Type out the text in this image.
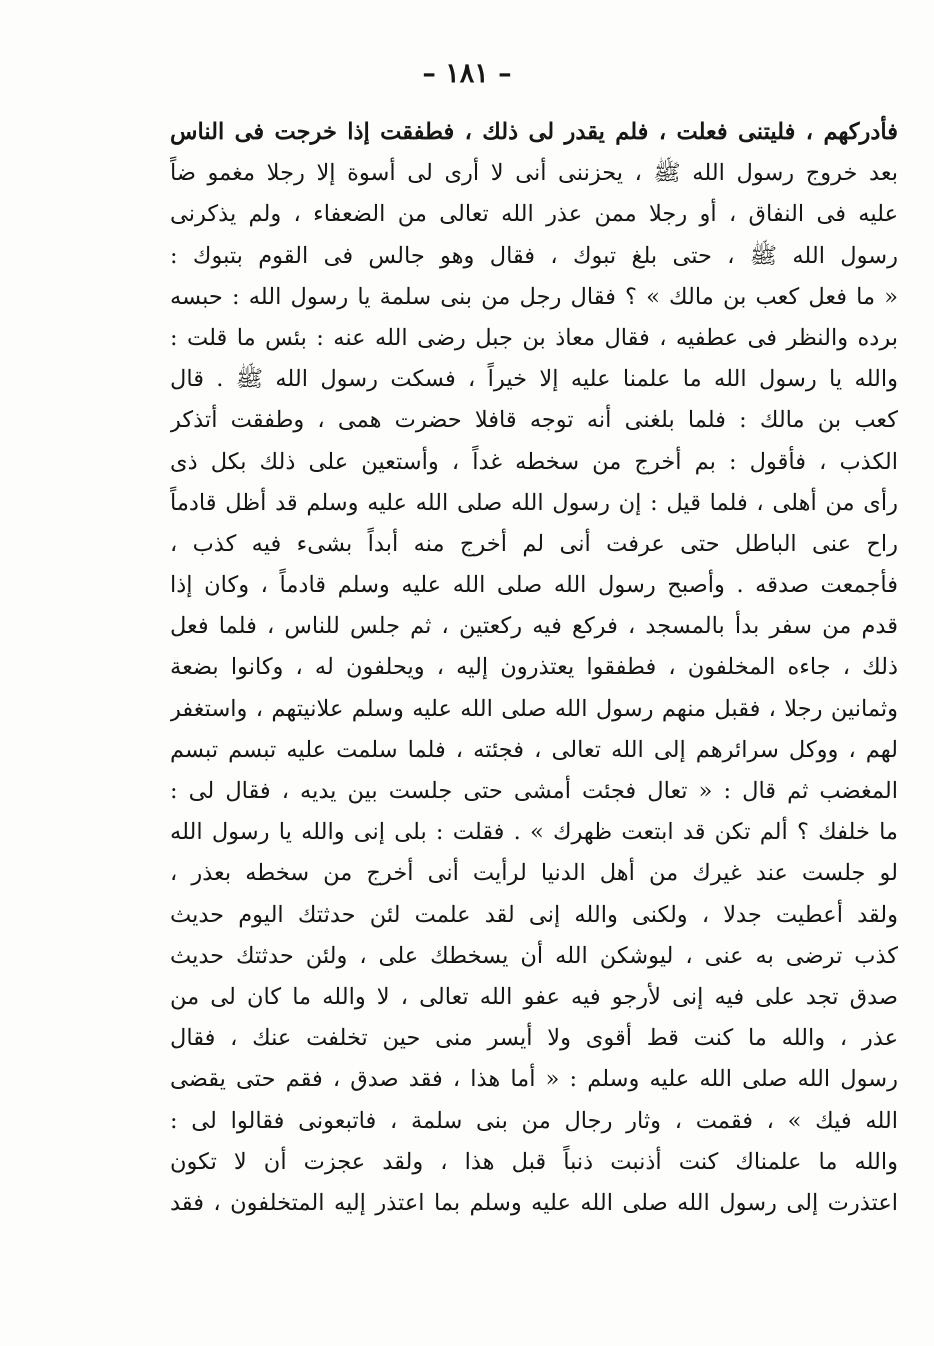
– ١٨١ –
فأدركهم ، فليتنى فعلت ، فلم يقدر لى ذلك ، فطفقت إذا خرجت فى الناس
بعد خروج رسول الله ﷺ ، يحزننى أنى لا أرى لى أسوة إلا رجلا مغمو ضاً
عليه فى النفاق ، أو رجلا ممن عذر الله تعالى من الضعفاء ، ولم يذكرنى
رسول الله ﷺ ، حتى بلغ تبوك ، فقال وهو جالس فى القوم بتبوك :
« ما فعل كعب بن مالك » ؟ فقال رجل من بنى سلمة يا رسول الله : حبسه
برده والنظر فى عطفيه ، فقال معاذ بن جبل رضى الله عنه : بئس ما قلت :
والله يا رسول الله ما علمنا عليه إلا خيراً ، فسكت رسول الله ﷺ . قال
كعب بن مالك : فلما بلغنى أنه توجه قافلا حضرت همى ، وطفقت أتذكر
الكذب ، فأقول : بم أخرج من سخطه غداً ، وأستعين على ذلك بكل ذى
رأى من أهلى ، فلما قيل : إن رسول الله صلى الله عليه وسلم قد أظل قادماً
راح عنى الباطل حتى عرفت أنى لم أخرج منه أبداً بشىء فيه كذب ،
فأجمعت صدقه . وأصبح رسول الله صلى الله عليه وسلم قادماً ، وكان إذا
قدم من سفر بدأ بالمسجد ، فركع فيه ركعتين ، ثم جلس للناس ، فلما فعل
ذلك ، جاءه المخلفون ، فطفقوا يعتذرون إليه ، ويحلفون له ، وكانوا بضعة
وثمانين رجلا ، فقبل منهم رسول الله صلى الله عليه وسلم علانيتهم ، واستغفر
لهم ، ووكل سرائرهم إلى الله تعالى ، فجئته ، فلما سلمت عليه تبسم تبسم
المغضب ثم قال : « تعال فجئت أمشى حتى جلست بين يديه ، فقال لى :
ما خلفك ؟ ألم تكن قد ابتعت ظهرك » . فقلت : بلى إنى والله يا رسول الله
لو جلست عند غيرك من أهل الدنيا لرأيت أنى أخرج من سخطه بعذر ،
ولقد أعطيت جدلا ، ولكنى والله إنى لقد علمت لئن حدثتك اليوم حديث
كذب ترضى به عنى ، ليوشكن الله أن يسخطك على ، ولئن حدثتك حديث
صدق تجد على فيه إنى لأرجو فيه عفو الله تعالى ، لا والله ما كان لى من
عذر ، والله ما كنت قط أقوى ولا أيسر منى حين تخلفت عنك ، فقال
رسول الله صلى الله عليه وسلم : « أما هذا ، فقد صدق ، فقم حتى يقضى
الله فيك » ، فقمت ، وثار رجال من بنى سلمة ، فاتبعونى فقالوا لى :
والله ما علمناك كنت أذنبت ذنباً قبل هذا ، ولقد عجزت أن لا تكون
اعتذرت إلى رسول الله صلى الله عليه وسلم بما اعتذر إليه المتخلفون ، فقد
